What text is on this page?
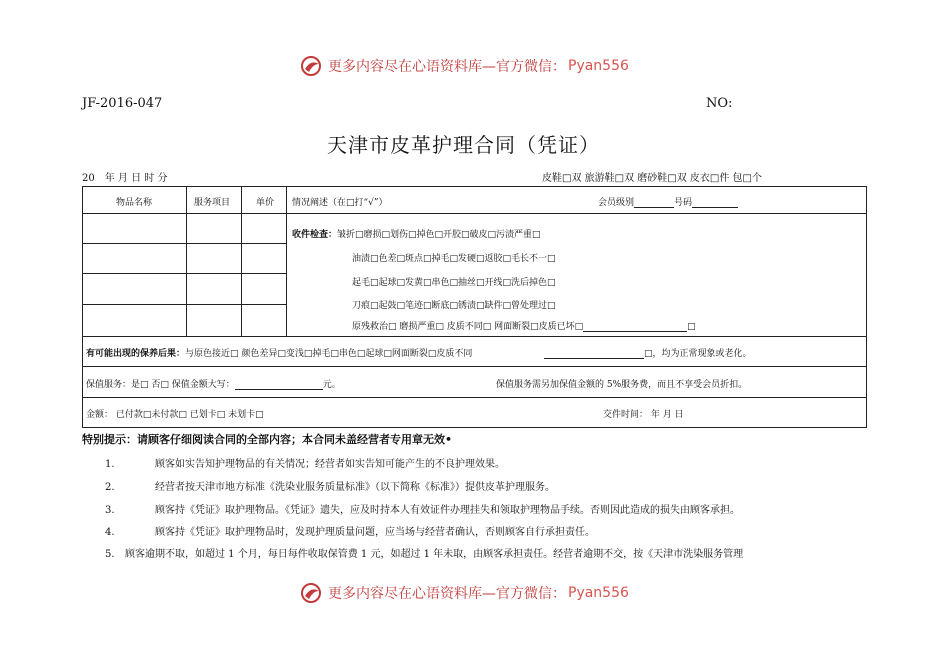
更多内容尽在心语资料库—官方微信： Pyan556
JF-2016-047	NO:
天津市皮革护理合同（凭证）
20　年 月 日 时 分	皮鞋□双 旅游鞋□双 磨砂鞋□双 皮衣□件 包□个
物品名称	服务项目	单价 情况阐述（在□打“√”）	会员级别	号码
收件检查：皱折□磨损□划伤□掉色□开胶□破皮□污渍严重□
油渍□色差□斑点□掉毛□发硬□返胶□毛长不一□
起毛□起球□发黄□串色□抽丝□开线□洗后掉色□
刀痕□起鼓□笔迹□断底□锈渍□缺件□曾处理过□
原残救治□ 磨损严重□ 皮质不同□ 网面断裂□皮质已坏□	□
有可能出现的保养后果：与原色接近□ 颜色差异□变浅□掉毛□串色□起球□网面断裂□皮质不同	□，均为正常现象或老化。
保值服务：是□ 否□ 保值金额大写：	元。	保值服务需另加保值金额的 5%服务费，而且不享受会员折扣。
金额： 已付款□未付款□ 已划卡□ 未划卡□	交件时间： 年 月 日
特别提示：请顾客仔细阅读合同的全部内容；本合同未盖经营者专用章无效•
1.	顾客如实告知护理物品的有关情况；经营者如实告知可能产生的不良护理效果。
2.	经营者按天津市地方标准《洗染业服务质量标准》（以下简称《标准》）提供皮革护理服务。
3.	顾客持《凭证》取护理物品。《凭证》遗失，应及时持本人有效证件办理挂失和领取护理物品手续。否则因此造成的损失由顾客承担。
4.	顾客持《凭证》取护理物品时，发现护理质量问题，应当场与经营者确认，否则顾客自行承担责任。
5. 顾客逾期不取，如超过 1 个月，每日每件收取保管费 1 元，如超过 1 年未取，由顾客承担责任。经营者逾期不交，按《天津市洗染服务管理
更多内容尽在心语资料库—官方微信： Pyan556
